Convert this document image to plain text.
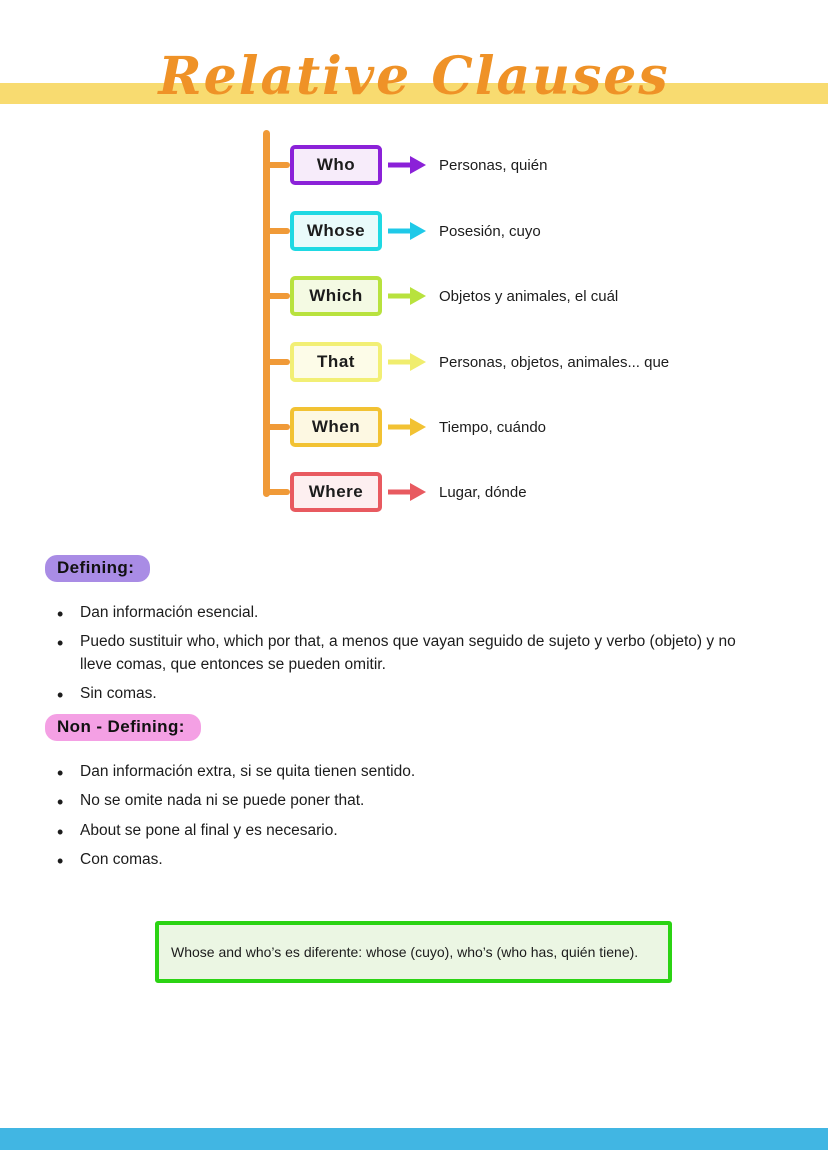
Relative Clauses
Who	Personas, quién
Whose	Posesión, cuyo
Which	Objetos y animales, el cuál
That	Personas, objetos, animales... que
When	Tiempo, cuándo
Where	Lugar, dónde
Defining:
• Dan información esencial.
• Puedo sustituir who, which por that, a menos que vayan seguido de sujeto y verbo (objeto) y no lleve comas, que entonces se pueden omitir.
• Sin comas.
Non - Defining:
• Dan información extra, si se quita tienen sentido.
• No se omite nada ni se puede poner that.
• About se pone al final y es necesario.
• Con comas.
Whose and who’s es diferente: whose (cuyo), who’s (who has, quién tiene).
